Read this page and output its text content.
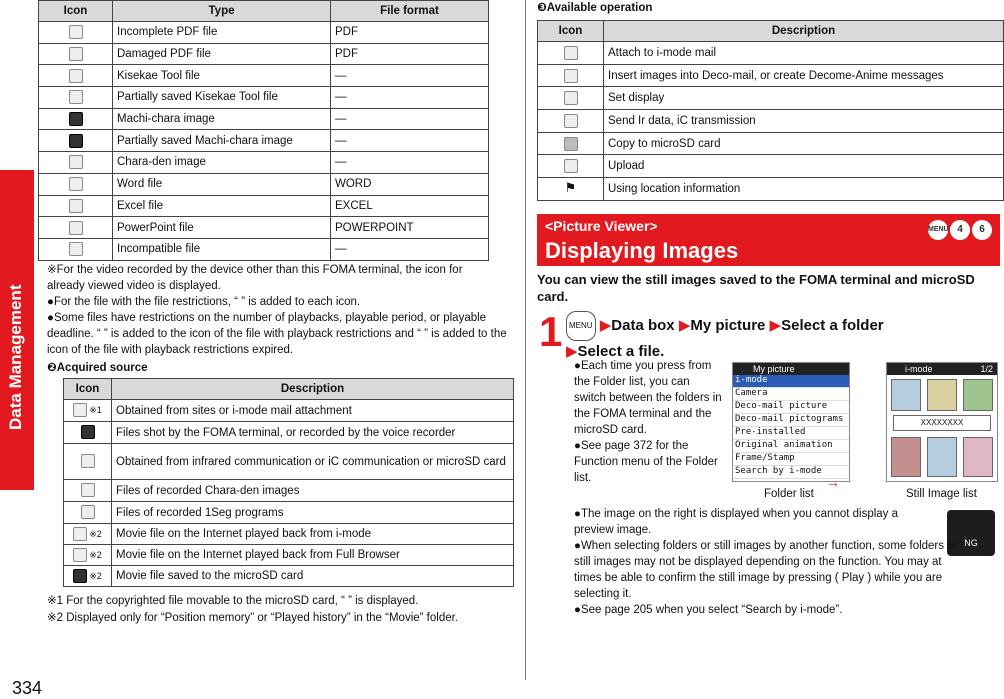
Data Management
334
Icon	Type	File format
	Incomplete PDF file	PDF
	Damaged PDF file	PDF
	Kisekae Tool file	—
	Partially saved Kisekae Tool file	—
	Machi-chara image	—
	Partially saved Machi-chara image	—
	Chara-den image	—
	Word file	WORD
	Excel file	EXCEL
	PowerPoint file	POWERPOINT
	Incompatible file	—
※For the video recorded by the device other than this FOMA terminal, the icon for already viewed video is displayed.
●For the file with the file restrictions, “ ” is added to each icon.
●Some files have restrictions on the number of playbacks, playable period, or playable deadline. “ ” is added to the icon of the file with playback restrictions and “ ” is added to the icon of the file with playback restrictions expired.
❷Acquired source
Icon	Description
$^{※1}$	Obtained from sites or i-mode mail attachment
	Files shot by the FOMA terminal, or recorded by the voice recorder
	Obtained from infrared communication or iC communication or microSD card
	Files of recorded Chara-den images
	Files of recorded 1Seg programs
$^{※2}$	Movie file on the Internet played back from i-mode
$^{※2}$	Movie file on the Internet played back from Full Browser
$^{※2}$	Movie file saved to the microSD card
※1 For the copyrighted file movable to the microSD card, “ ” is displayed.
※2 Displayed only for “Position memory” or “Played history” in the “Movie” folder.
❸Available operation
Icon	Description
	Attach to i-mode mail
	Insert images into Deco-mail, or create Decome-Anime messages
	Set display
	Send Ir data, iC transmission
	Copy to microSD card
	Upload
⚑	Using location information
<Picture Viewer>
Displaying Images
MENU 4	6
You can view the still images saved to the FOMA terminal and microSD card.
1 MENU ▶Data box ▶My picture ▶Select a folder
▶Select a file.
●Each time you press from the Folder list, you can switch between the folders in the FOMA terminal and the microSD card.
●See page 372 for the Function menu of the Folder list.
My picture
i-mode
Camera
Deco-mail picture
Deco-mail pictograms
Pre-installed
Original animation
Frame/Stamp
Search by i-mode
→
i-mode	1/2
XXXXXXXX
Folder list	Still Image list
●The image on the right is displayed when you cannot display a preview image.
NG
●When selecting folders or still images by another function, some folders or still images may not be displayed depending on the function. You may at times be able to confirm the still image by pressing ( Play ) while you are selecting it.
●See page 205 when you select “Search by i-mode”.
